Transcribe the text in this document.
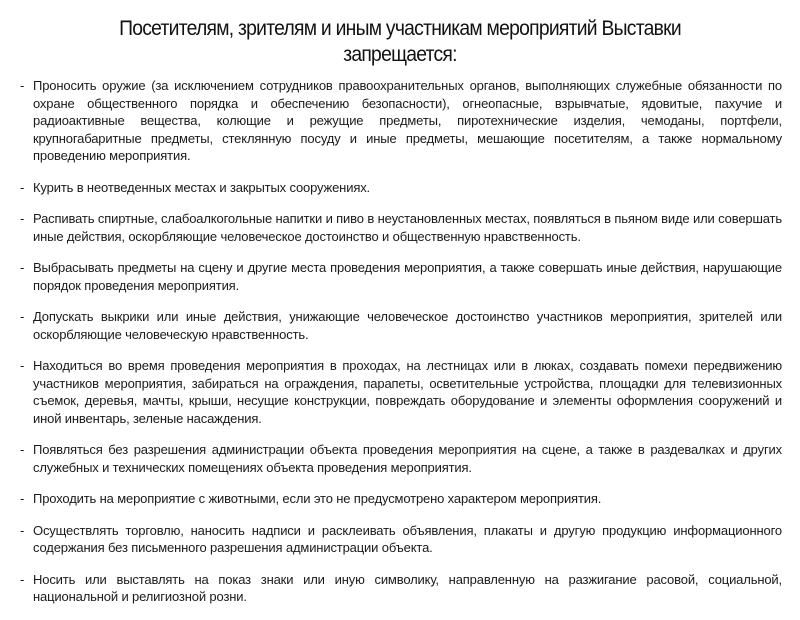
Посетителям, зрителям и иным участникам мероприятий Выставки запрещается:
- Проносить оружие (за исключением сотрудников правоохранительных органов, выполняющих служебные обязанности по охране общественного порядка и обеспечению безопасности), огнеопасные, взрывчатые, ядовитые, пахучие и радиоактивные вещества, колющие и режущие предметы, пиротехнические изделия, чемоданы, портфели, крупногабаритные предметы, стеклянную посуду и иные предметы, мешающие посетителям, а также нормальному проведению мероприятия.
- Курить в неотведенных местах и закрытых сооружениях.
- Распивать спиртные, слабоалкогольные напитки и пиво в неустановленных местах, появляться в пьяном виде или совершать иные действия, оскорбляющие человеческое достоинство и общественную нравственность.
- Выбрасывать предметы на сцену и другие места проведения мероприятия, а также совершать иные действия, нарушающие порядок проведения мероприятия.
- Допускать выкрики или иные действия, унижающие человеческое достоинство участников мероприятия, зрителей или оскорбляющие человеческую нравственность.
- Находиться во время проведения мероприятия в проходах, на лестницах или в люках, создавать помехи передвижению участников мероприятия, забираться на ограждения, парапеты, осветительные устройства, площадки для телевизионных съемок, деревья, мачты, крыши, несущие конструкции, повреждать оборудование и элементы оформления сооружений и иной инвентарь, зеленые насаждения.
- Появляться без разрешения администрации объекта проведения мероприятия на сцене, а также в раздевалках и других служебных и технических помещениях объекта проведения мероприятия.
- Проходить на мероприятие с животными, если это не предусмотрено характером мероприятия.
- Осуществлять торговлю, наносить надписи и расклеивать объявления, плакаты и другую продукцию информационного содержания без письменного разрешения администрации объекта.
- Носить или выставлять на показ знаки или иную символику, направленную на разжигание расовой, социальной, национальной и религиозной розни.
